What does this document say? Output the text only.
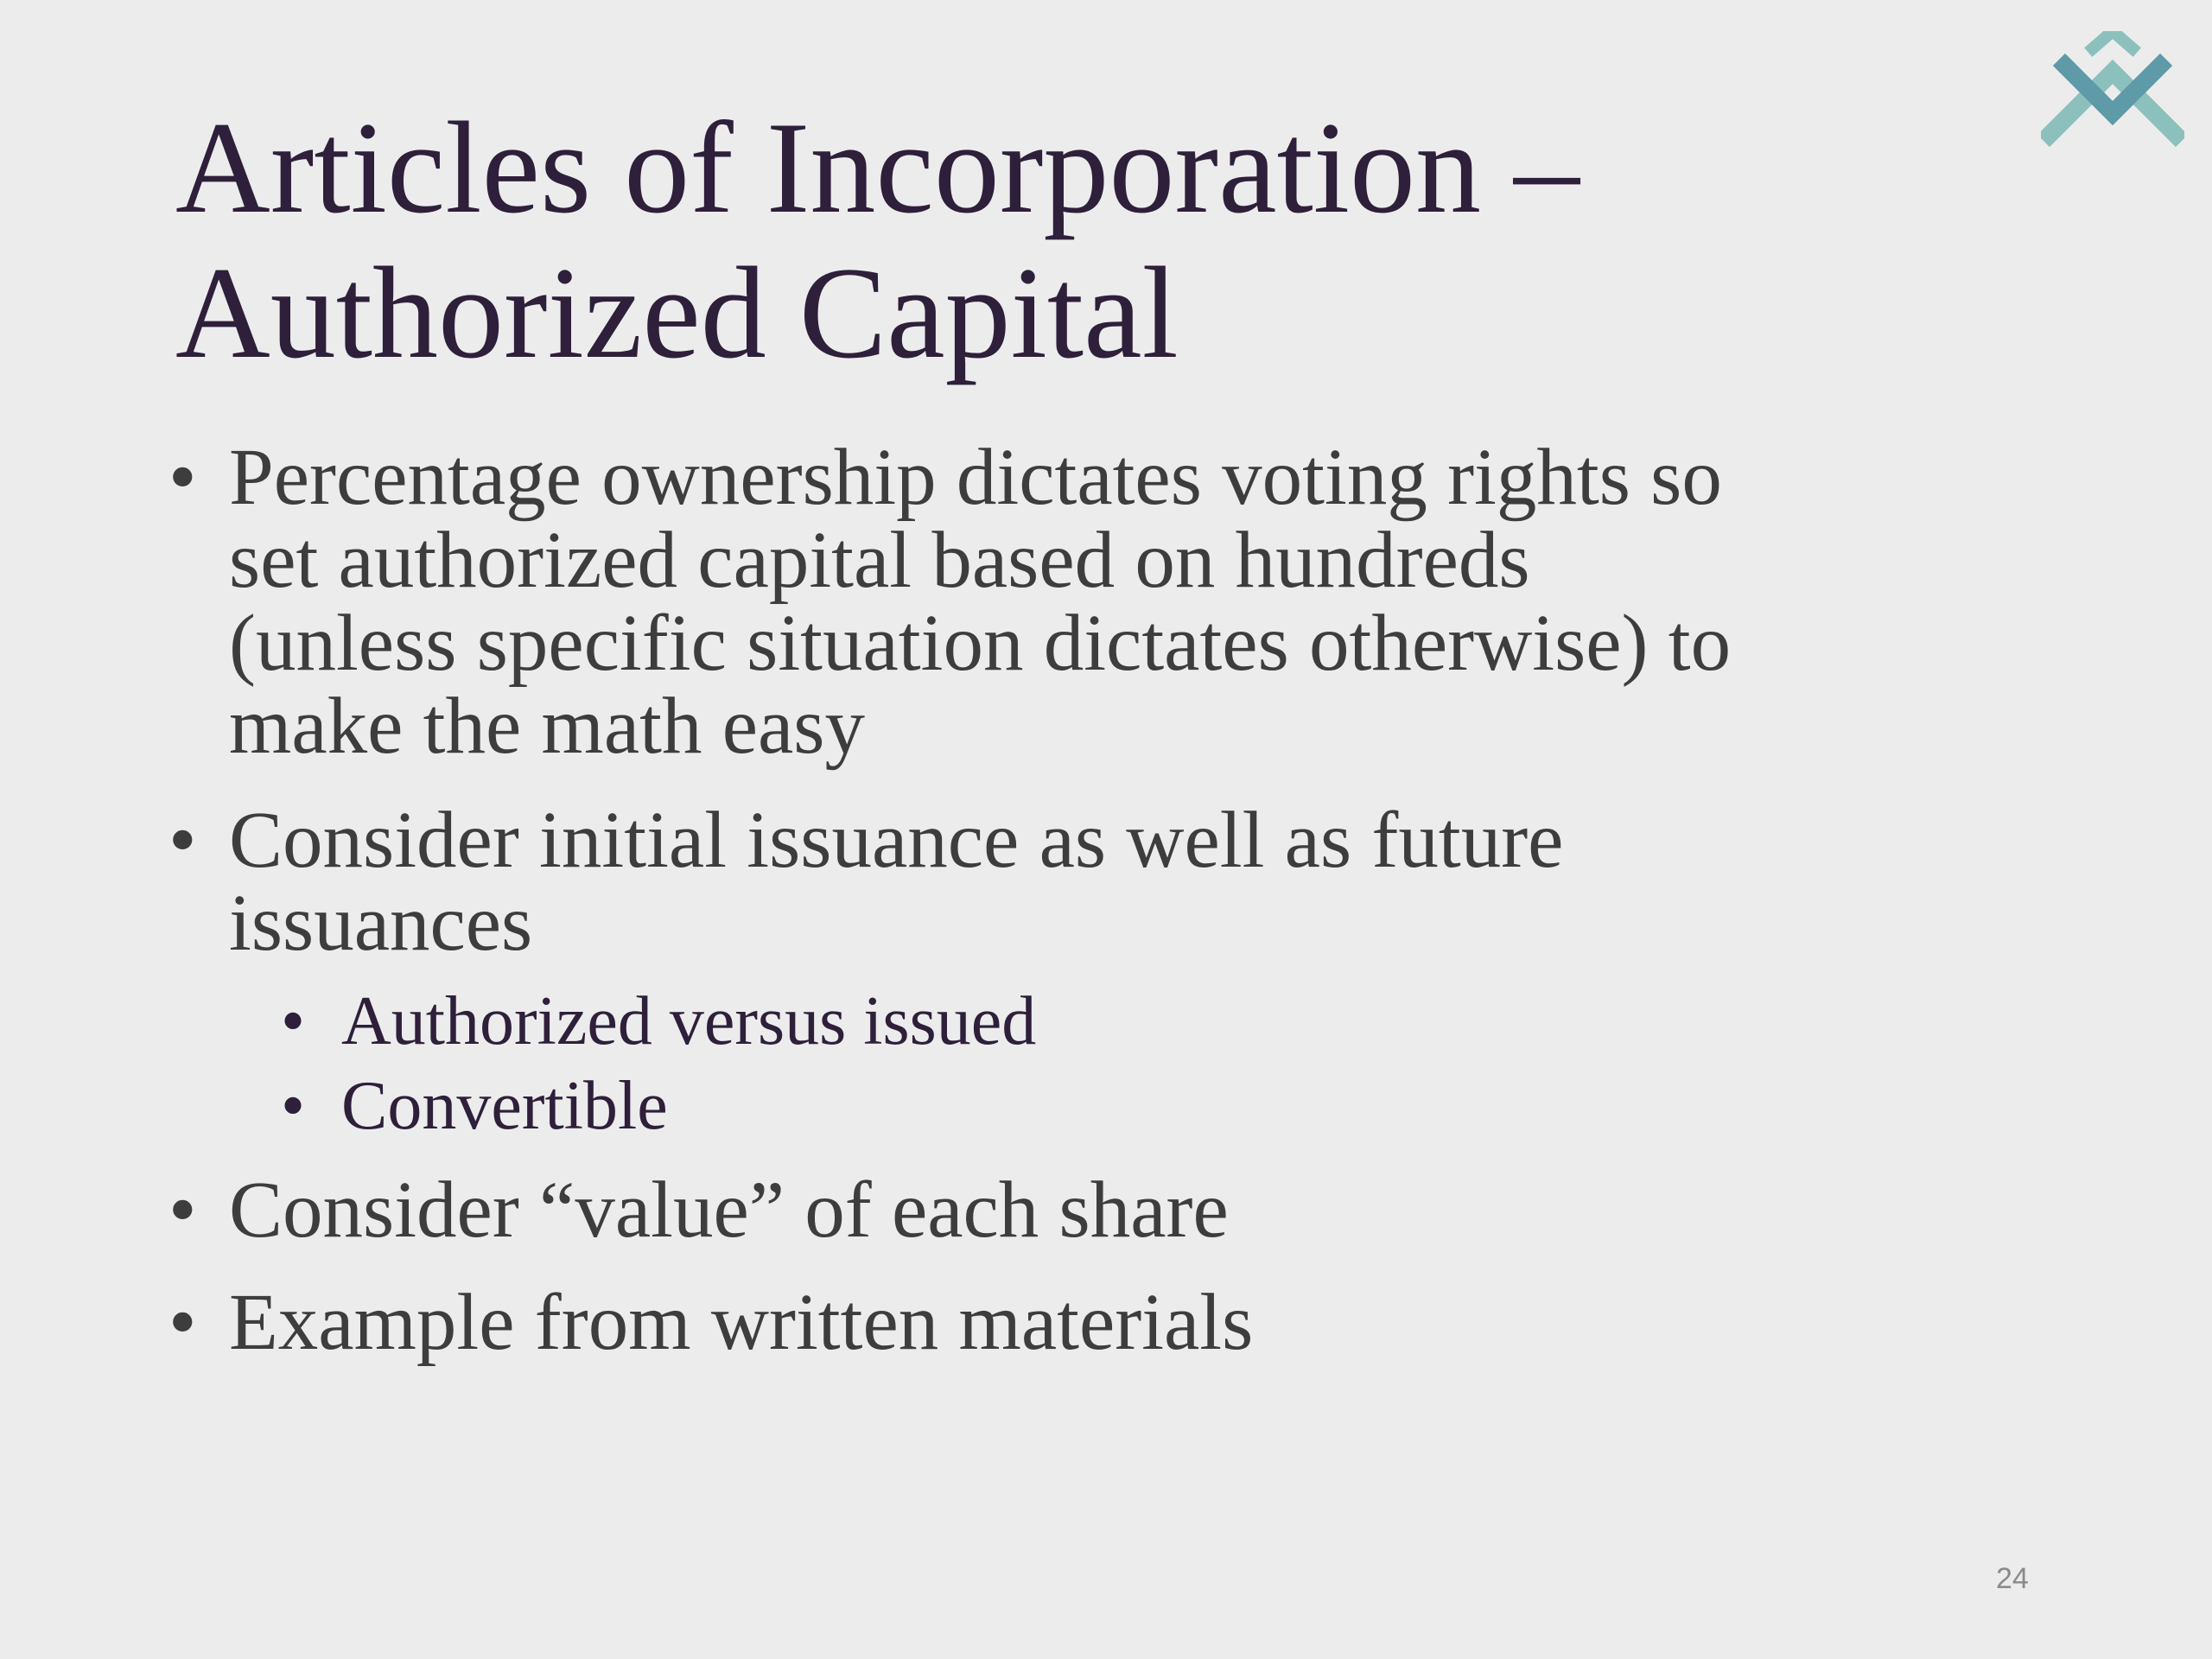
Articles of Incorporation –
Authorized Capital
• Percentage ownership dictates voting rights so
set authorized capital based on hundreds
(unless specific situation dictates otherwise) to
make the math easy
• Consider initial issuance as well as future
issuances
• Authorized versus issued
• Convertible
• Consider “value” of each share
• Example from written materials
24
